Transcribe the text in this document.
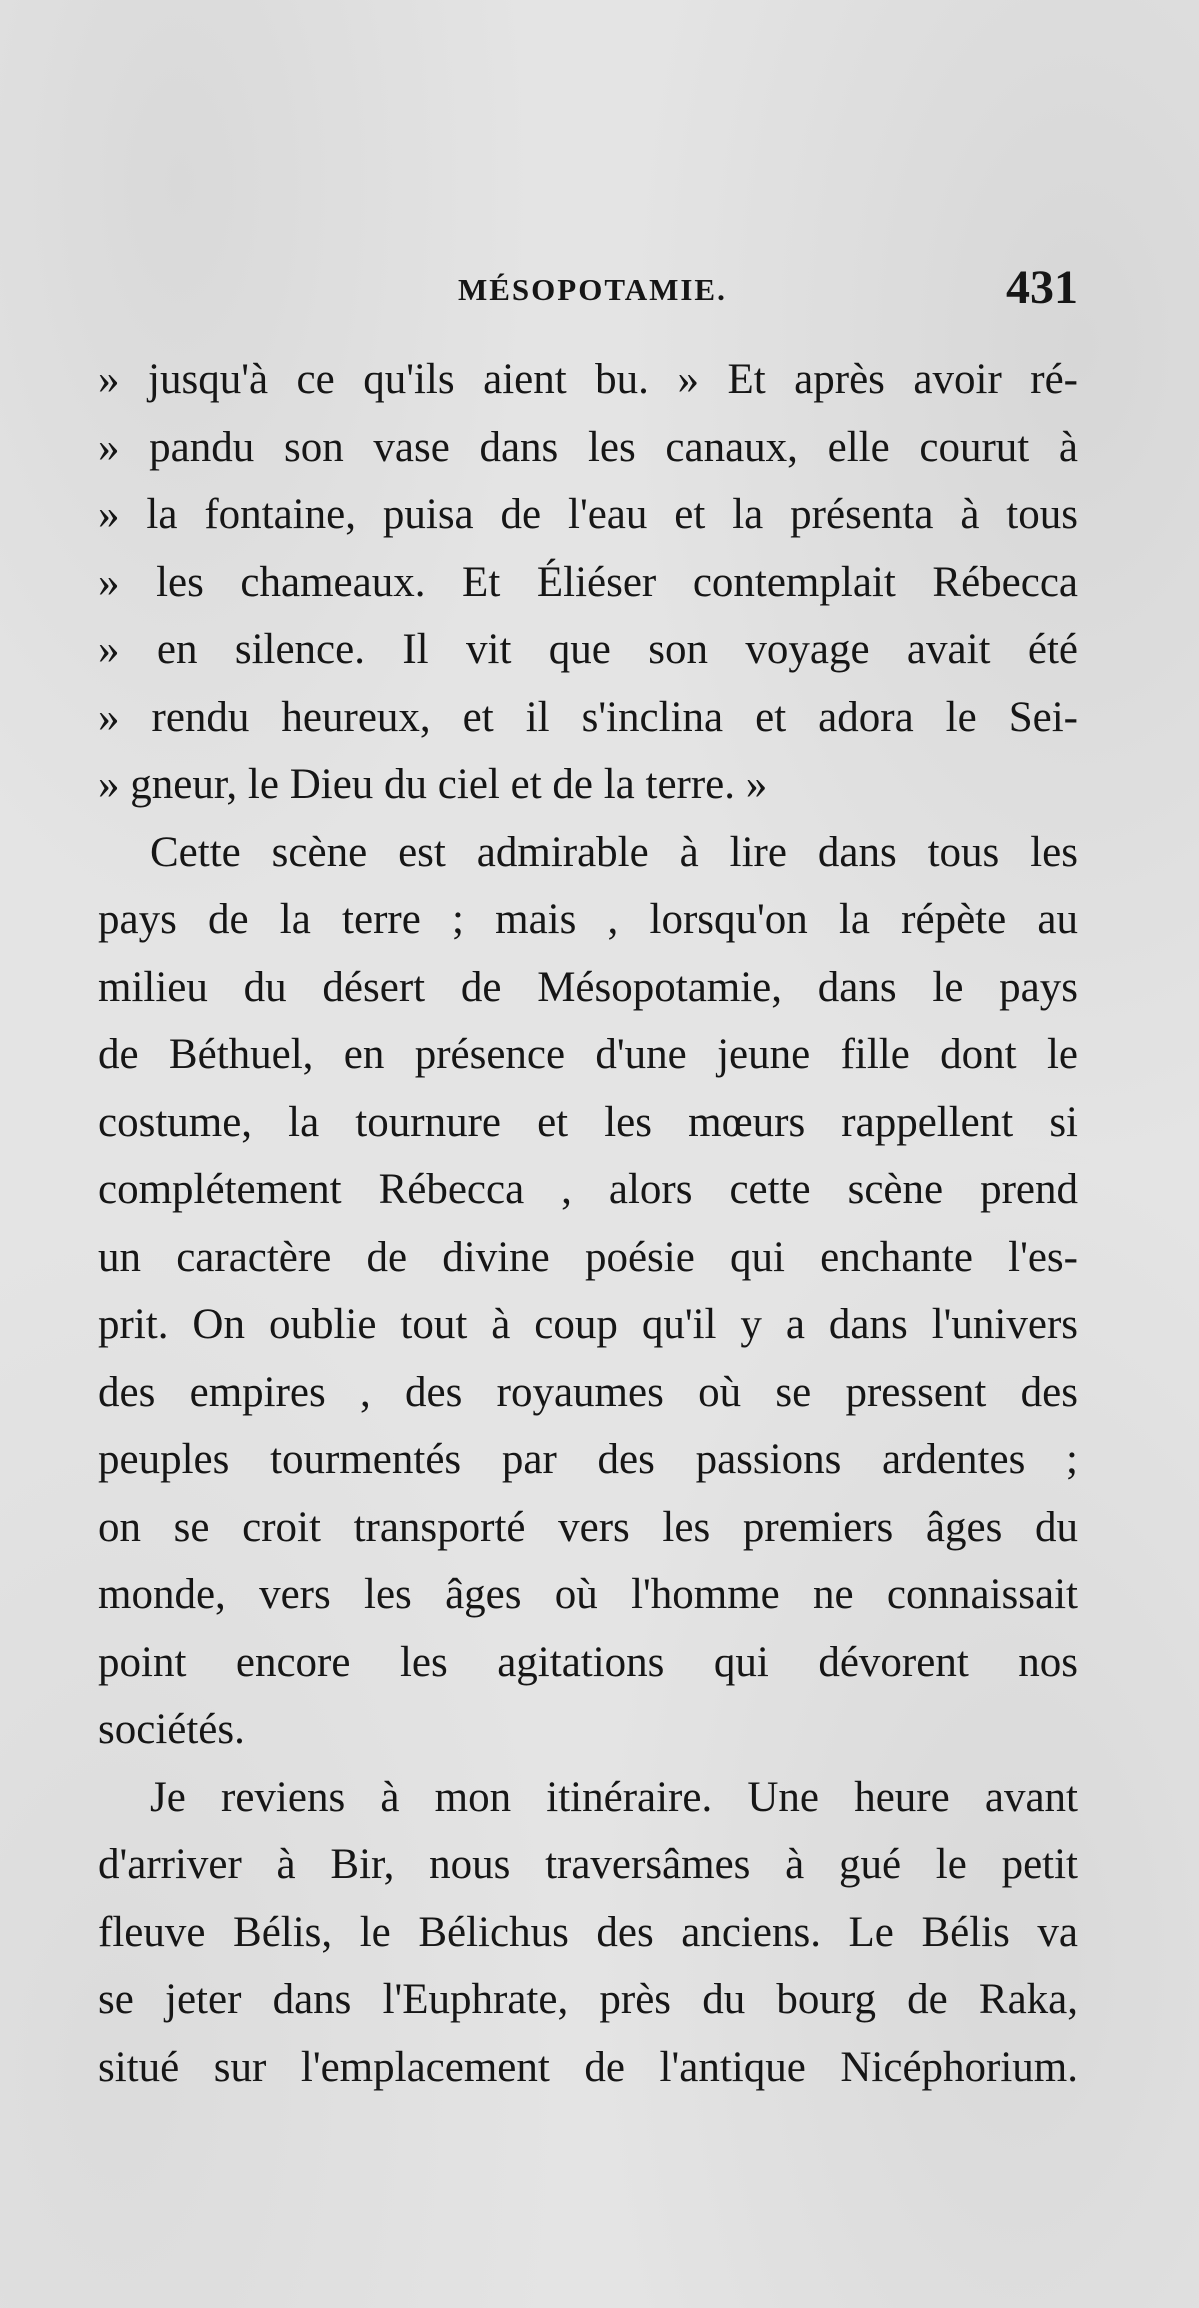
MÉSOPOTAMIE.	431
» jusqu'à ce qu'ils aient bu. » Et après avoir ré-
» pandu son vase dans les canaux, elle courut à
» la fontaine, puisa de l'eau et la présenta à tous
» les chameaux. Et Éliéser contemplait Rébecca
» en silence. Il vit que son voyage avait été
» rendu heureux, et il s'inclina et adora le Sei-
» gneur, le Dieu du ciel et de la terre. »
Cette scène est admirable à lire dans tous les
pays de la terre ; mais , lorsqu'on la répète au
milieu du désert de Mésopotamie, dans le pays
de Béthuel, en présence d'une jeune fille dont le
costume, la tournure et les mœurs rappellent si
complétement Rébecca , alors cette scène prend
un caractère de divine poésie qui enchante l'es-
prit. On oublie tout à coup qu'il y a dans l'univers
des empires , des royaumes où se pressent des
peuples tourmentés par des passions ardentes ;
on se croit transporté vers les premiers âges du
monde, vers les âges où l'homme ne connaissait
point encore les agitations qui dévorent nos
sociétés.
Je reviens à mon itinéraire. Une heure avant
d'arriver à Bir, nous traversâmes à gué le petit
fleuve Bélis, le Bélichus des anciens. Le Bélis va
se jeter dans l'Euphrate, près du bourg de Raka,
situé sur l'emplacement de l'antique Nicéphorium.
